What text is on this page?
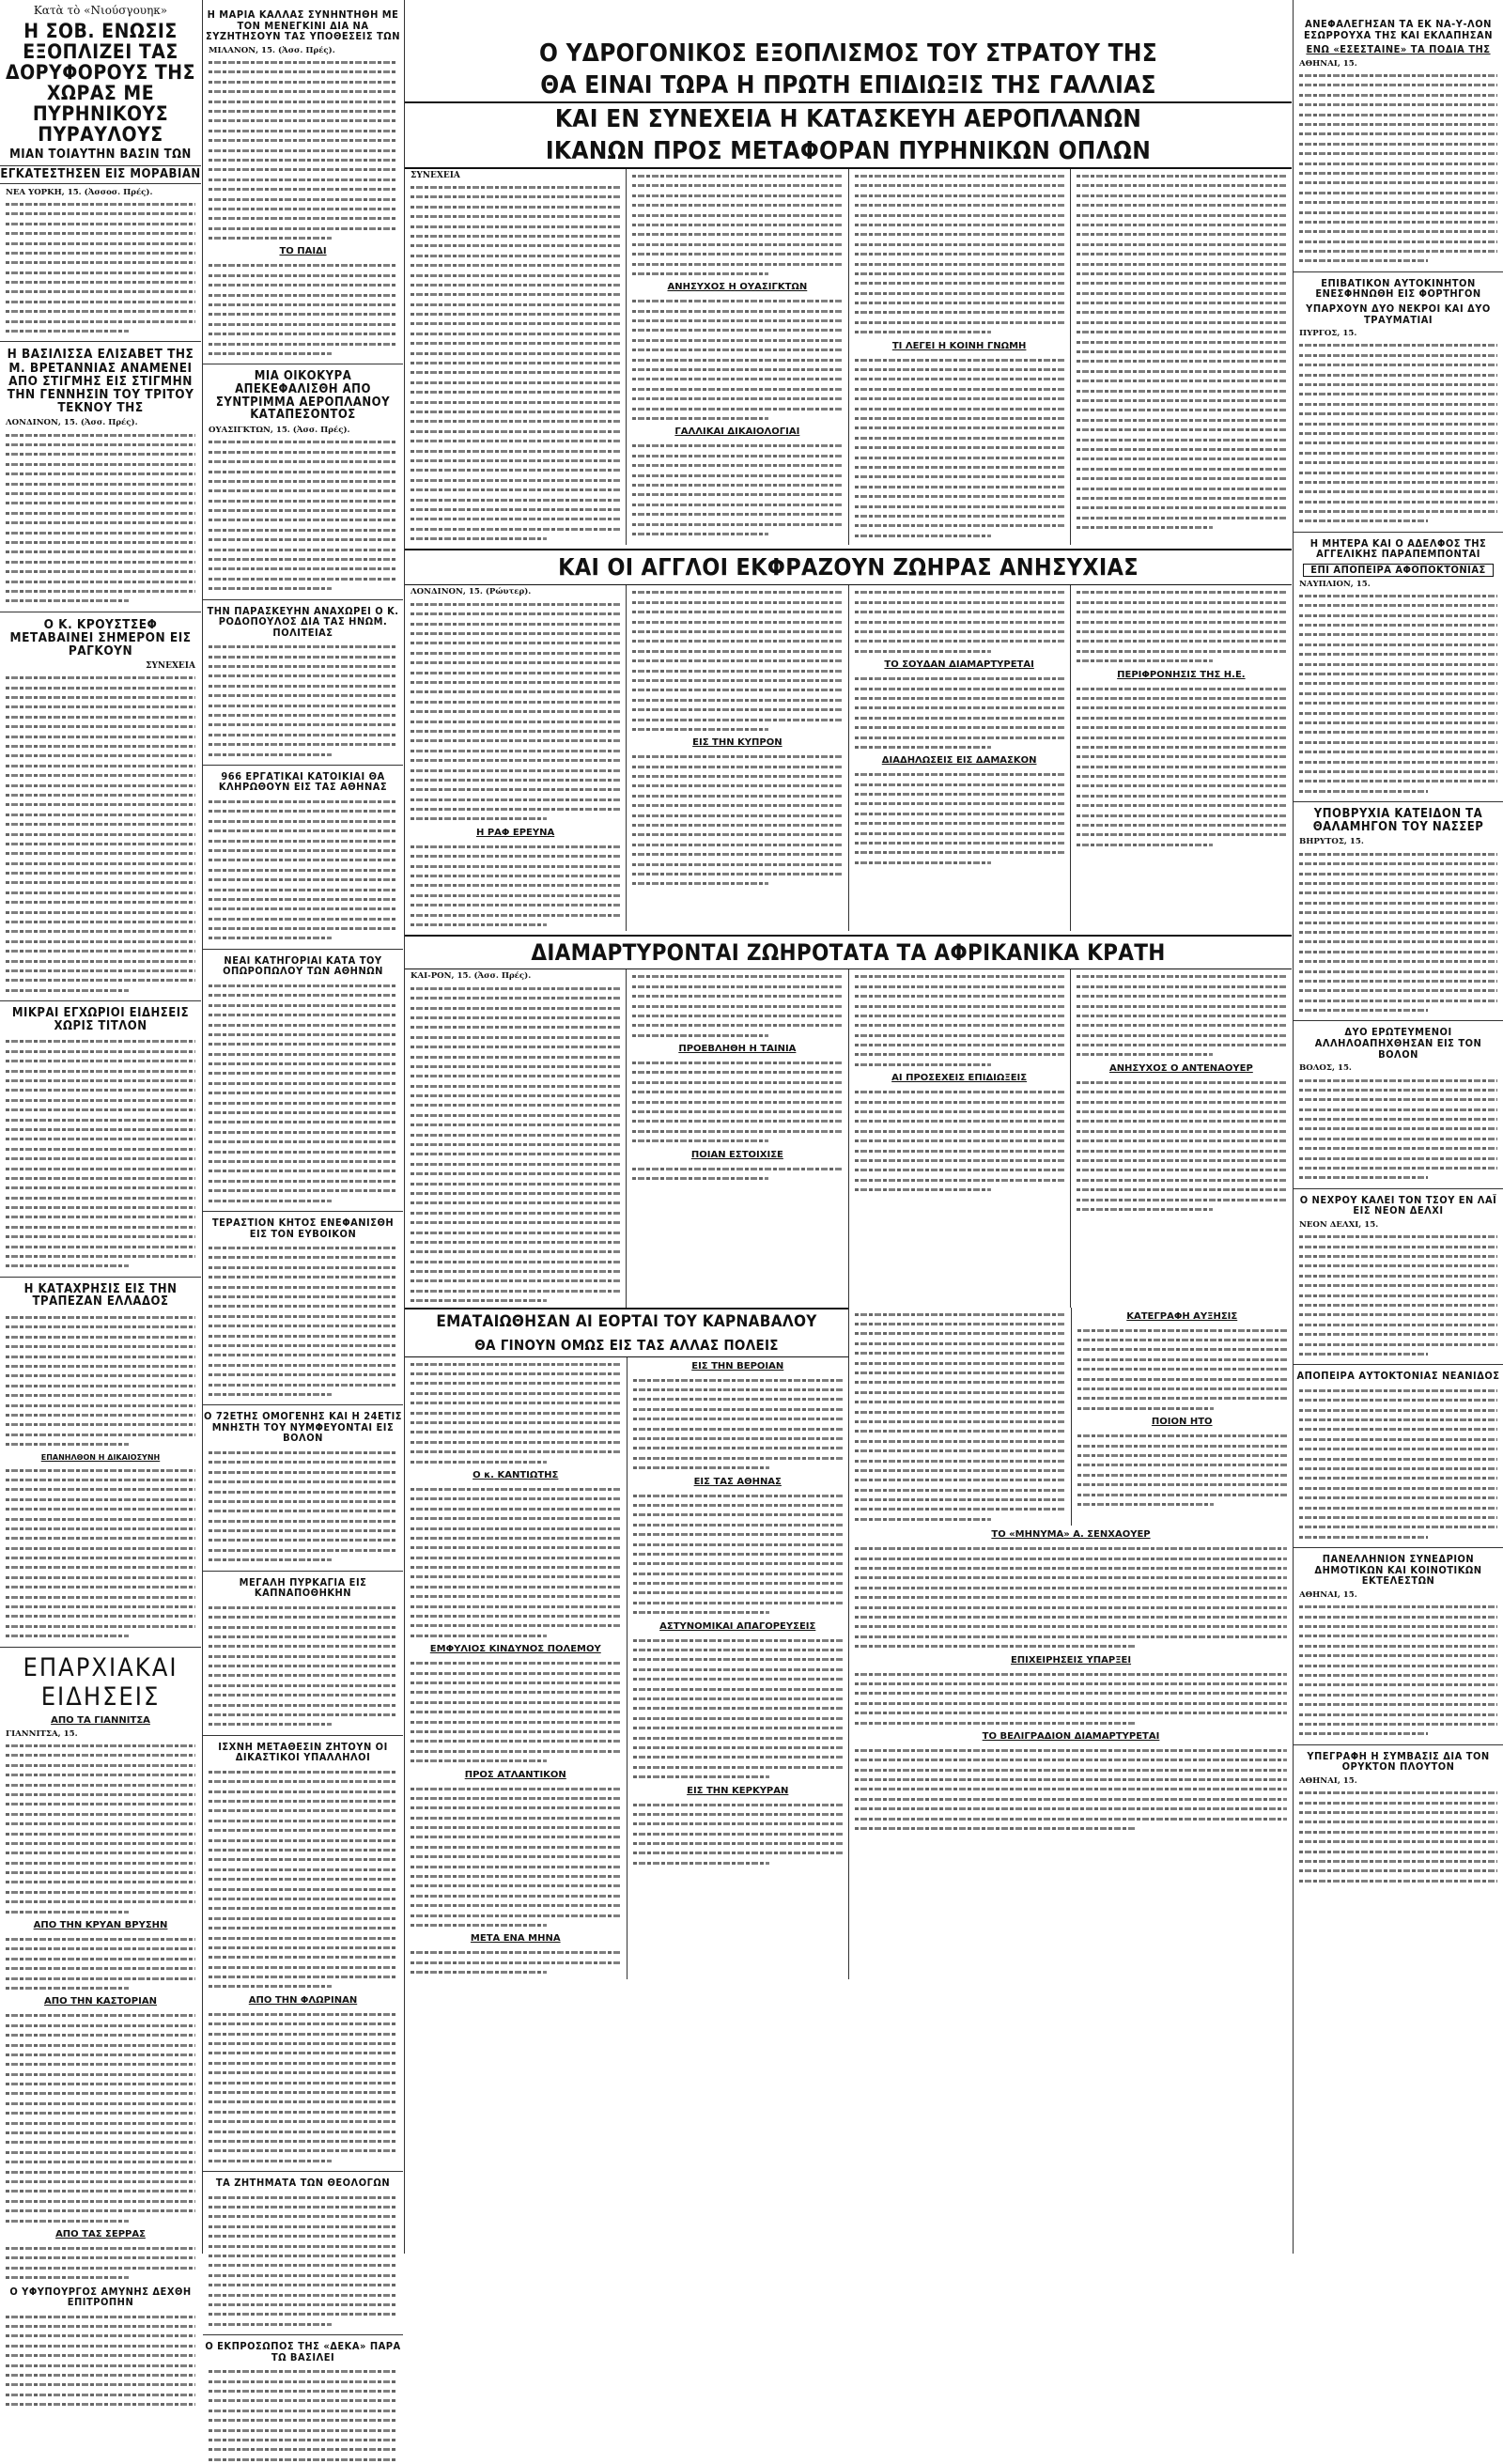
Κατὰ τὸ «Νιούσγουηκ»
Η ΣΟΒ. ΕΝΩΣΙΣ ΕΞΟΠΛΙΖΕΙ ΤΑΣ ΔΟΡΥΦΟΡΟΥΣ ΤΗΣ ΧΩΡΑΣ ΜΕ ΠΥΡΗΝΙΚΟΥΣ ΠΥΡΑΥΛΟΥΣ
ΜΙΑΝ ΤΟΙΑΥΤΗΝ ΒΑΣΙΝ ΤΩΝ
ΕΓΚΑΤΕΣΤΗΣΕΝ ΕΙΣ ΜΟΡΑΒΙΑΝ
ΝΕΑ ΥΟΡΚΗ, 15. (Ἀσσοσ. Πρές).
Η ΒΑΣΙΛΙΣΣΑ ΕΛΙΣΑΒΕΤ ΤΗΣ Μ. ΒΡΕΤΑΝΝΙΑΣ ΑΝΑΜΕΝΕΙ ΑΠΟ ΣΤΙΓΜΗΣ ΕΙΣ ΣΤΙΓΜΗΝ ΤΗΝ ΓΕΝΝΗΣΙΝ ΤΟΥ ΤΡΙΤΟΥ ΤΕΚΝΟΥ ΤΗΣ
ΛΟΝΔΙΝΟΝ, 15. (Ἀσσ. Πρές).
Ο Κ. ΚΡΟΥΣΤΣΕΦ ΜΕΤΑΒΑΙΝΕΙ ΣΗΜΕΡΟΝ ΕΙΣ ΡΑΓΚΟΥΝ
ΣΥΝΕΧΕΙΑ
ΜΙΚΡΑΙ ΕΓΧΩΡΙΟΙ ΕΙΔΗΣΕΙΣ ΧΩΡΙΣ ΤΙΤΛΟΝ
Η ΚΑΤΑΧΡΗΣΙΣ ΕΙΣ ΤΗΝ ΤΡΑΠΕΖΑΝ ΕΛΛΑΔΟΣ
ΕΠΑΝΗΛΘΟΝ Η ΔΙΚΑΙΟΣΥΝΗ
ΕΠΑΡΧΙΑΚΑΙ ΕΙΔΗΣΕΙΣ
ΑΠΟ ΤΑ ΓΙΑΝΝΙΤΣΑ
ΓΙΑΝΝΙΤΣΑ, 15.
ΑΠΟ ΤΗΝ ΚΡΥΑΝ ΒΡΥΣΗΝ
ΑΠΟ ΤΗΝ ΚΑΣΤΟΡΙΑΝ
ΑΠΟ ΤΑΣ ΣΕΡΡΑΣ
Ο ΥΦΥΠΟΥΡΓΟΣ ΑΜΥΝΗΣ ΔΕΧΘΗ ΕΠΙΤΡΟΠΗΝ
Η ΜΑΡΙΑ ΚΑΛΛΑΣ ΣΥΝΗΝΤΗΘΗ ΜΕ ΤΟΝ ΜΕΝΕΓΚΙΝΙ ΔΙΑ ΝΑ ΣΥΖΗΤΗΣΟΥΝ ΤΑΣ ΥΠΟΘΕΣΕΙΣ ΤΩΝ
ΜΙΛΑΝΟΝ, 15. (Ἀσσ. Πρές).
ΤΟ ΠΑΙΔΙ
ΜΙΑ ΟΙΚΟΚΥΡΑ ΑΠΕΚΕΦΑΛΙΣΘΗ ΑΠΟ ΣΥΝΤΡΙΜΜΑ ΑΕΡΟΠΛΑΝΟΥ ΚΑΤΑΠΕΣΟΝΤΟΣ
ΟΥΑΣΙΓΚΤΩΝ, 15. (Ἀσσ. Πρές).
ΤΗΝ ΠΑΡΑΣΚΕΥΗΝ ΑΝΑΧΩΡΕΙ Ο Κ. ΡΟΔΟΠΟΥΛΟΣ ΔΙΑ ΤΑΣ ΗΝΩΜ. ΠΟΛΙΤΕΙΑΣ
966 ΕΡΓΑΤΙΚΑΙ ΚΑΤΟΙΚΙΑΙ ΘΑ ΚΛΗΡΩΘΟΥΝ ΕΙΣ ΤΑΣ ΑΘΗΝΑΣ
ΝΕΑΙ ΚΑΤΗΓΟΡΙΑΙ ΚΑΤΑ ΤΟΥ ΟΠΩΡΟΠΩΛΟΥ ΤΩΝ ΑΘΗΝΩΝ
ΤΕΡΑΣΤΙΟΝ ΚΗΤΟΣ ΕΝΕΦΑΝΙΣΘΗ ΕΙΣ ΤΟΝ ΕΥΒΟΙΚΟΝ
Ο 72ΕΤΗΣ ΟΜΟΓΕΝΗΣ ΚΑΙ Η 24ΕΤΙΣ ΜΝΗΣΤΗ ΤΟΥ ΝΥΜΦΕΥΟΝΤΑΙ ΕΙΣ ΒΟΛΟΝ
ΜΕΓΑΛΗ ΠΥΡΚΑΓΙΑ ΕΙΣ ΚΑΠΝΑΠΟΘΗΚΗΝ
ΙΣΧΝΗ ΜΕΤΑΘΕΣΙΝ ΖΗΤΟΥΝ ΟΙ ΔΙΚΑΣΤΙΚΟΙ ΥΠΑΛΛΗΛΟΙ
ΑΠΟ ΤΗΝ ΦΛΩΡΙΝΑΝ
ΤΑ ΖΗΤΗΜΑΤΑ ΤΩΝ ΘΕΟΛΟΓΩΝ
Ο ΕΚΠΡΟΣΩΠΟΣ ΤΗΣ «ΔΕΚΑ» ΠΑΡΑ ΤΩ ΒΑΣΙΛΕΙ
Ο ΥΔΡΟΓΟΝΙΚΟΣ ΕΞΟΠΛΙΣΜΟΣ ΤΟΥ ΣΤΡΑΤΟΥ ΤΗΣ
ΘΑ ΕΙΝΑΙ ΤΩΡΑ Η ΠΡΩΤΗ ΕΠΙΔΙΩΞΙΣ ΤΗΣ ΓΑΛΛΙΑΣ
ΚΑΙ ΕΝ ΣΥΝΕΧΕΙΑ Η ΚΑΤΑΣΚΕΥΗ ΑΕΡΟΠΛΑΝΩΝ
ΙΚΑΝΩΝ ΠΡΟΣ ΜΕΤΑΦΟΡΑΝ ΠΥΡΗΝΙΚΩΝ ΟΠΛΩΝ
ΣΥΝΕΧΕΙΑ
ΑΝΗΣΥΧΟΣ Η ΟΥΑΣΙΓΚΤΩΝ
ΓΑΛΛΙΚΑΙ ΔΙΚΑΙΟΛΟΓΙΑΙ
ΤΙ ΛΕΓΕΙ Η ΚΟΙΝΗ ΓΝΩΜΗ
ΚΑΙ ΟΙ ΑΓΓΛΟΙ ΕΚΦΡΑΖΟΥΝ ΖΩΗΡΑΣ ΑΝΗΣΥΧΙΑΣ
ΛΟΝΔΙΝΟΝ, 15. (Ρώυτερ).
Η ΡΑΦ ΕΡΕΥΝΑ
ΕΙΣ ΤΗΝ ΚΥΠΡΟΝ
ΤΟ ΣΟΥΔΑΝ ΔΙΑΜΑΡΤΥΡΕΤΑΙ
ΔΙΑΔΗΛΩΣΕΙΣ ΕΙΣ ΔΑΜΑΣΚΟΝ
ΠΕΡΙΦΡΟΝΗΣΙΣ ΤΗΣ Η.Ε.
ΔΙΑΜΑΡΤΥΡΟΝΤΑΙ ΖΩΗΡΟΤΑΤΑ ΤΑ ΑΦΡΙΚΑΝΙΚΑ ΚΡΑΤΗ
ΚΑΙ-ΡΟΝ, 15. (Ἀσσ. Πρές).
ΠΡΟΕΒΛΗΘΗ Η ΤΑΙΝΙΑ
ΠΟΙΑΝ ΕΣΤΟΙΧΙΣΕ
ΑΙ ΠΡΟΣΕΧΕΙΣ ΕΠΙΔΙΩΞΕΙΣ
ΑΝΗΣΥΧΟΣ Ο ΑΝΤΕΝΑΟΥΕΡ
ΕΜΑΤΑΙΩΘΗΣΑΝ ΑΙ ΕΟΡΤΑΙ ΤΟΥ ΚΑΡΝΑΒΑΛΟΥ
ΘΑ ΓΙΝΟΥΝ ΟΜΩΣ ΕΙΣ ΤΑΣ ΑΛΛΑΣ ΠΟΛΕΙΣ
Ο κ. ΚΑΝΤΙΩΤΗΣ
ΕΜΦΥΛΙΟΣ ΚΙΝΔΥΝΟΣ ΠΟΛΕΜΟΥ
ΠΡΟΣ ΑΤΛΑΝΤΙΚΟΝ
ΜΕΤΑ ΕΝΑ ΜΗΝΑ
ΕΙΣ ΤΗΝ ΒΕΡΟΙΑΝ
ΕΙΣ ΤΑΣ ΑΘΗΝΑΣ
ΑΣΤΥΝΟΜΙΚΑΙ ΑΠΑΓΟΡΕΥΣΕΙΣ
ΕΙΣ ΤΗΝ ΚΕΡΚΥΡΑΝ
ΚΑΤΕΓΡΑΦΗ ΑΥΞΗΣΙΣ
ΠΟΙΟΝ ΗΤΟ
ΤΟ «ΜΗΝΥΜΑ» Α. ΣΕΝΧΑΟΥΕΡ
ΕΠΙΧΕΙΡΗΣΕΙΣ ΥΠΑΡΞΕΙ
ΤΟ ΒΕΛΙΓΡΑΔΙΟΝ ΔΙΑΜΑΡΤΥΡΕΤΑΙ
ΑΝΕΦΑΛΕΓΗΣΑΝ ΤΑ ΕΚ ΝΑ-Υ-ΛΟΝ ΕΣΩΡΡΟΥΧΑ ΤΗΣ ΚΑΙ ΕΚΛΑΠΗΣΑΝ
ΕΝΩ «ΕΣΕΣΤΑΙΝΕ» ΤΑ ΠΟΔΙΑ ΤΗΣ
ΑΘΗΝΑΙ, 15.
ΕΠΙΒΑΤΙΚΟΝ ΑΥΤΟΚΙΝΗΤΟΝ ΕΝΕΣΦΗΝΩΘΗ ΕΙΣ ΦΟΡΤΗΓΟΝ
ΥΠΑΡΧΟΥΝ ΔΥΟ ΝΕΚΡΟΙ ΚΑΙ ΔΥΟ ΤΡΑΥΜΑΤΙΑΙ
ΠΥΡΓΟΣ, 15.
Η ΜΗΤΕΡΑ ΚΑΙ Ο ΑΔΕΛΦΟΣ ΤΗΣ ΑΓΓΕΛΙΚΗΣ ΠΑΡΑΠΕΜΠΟΝΤΑΙ
ΕΠΙ ΑΠΟΠΕΙΡΑ ΑΦΟΠΟΚΤΟΝΙΑΣ
ΝΑΥΠΛΙΟΝ, 15.
ΥΠΟΒΡΥΧΙΑ ΚΑΤΕΙΔΟΝ ΤΑ ΘΑΛΑΜΗΓΟΝ ΤΟΥ ΝΑΣΣΕΡ
ΒΗΡΥΤΟΣ, 15.
ΔΥΟ ΕΡΩΤΕΥΜΕΝΟΙ ΑΛΛΗΛΟΑΠΗΧΘΗΣΑΝ ΕΙΣ ΤΟΝ ΒΟΛΟΝ
ΒΟΛΟΣ, 15.
Ο ΝΕΧΡΟΥ ΚΑΛΕΙ ΤΟΝ ΤΣΟΥ ΕΝ ΛΑΪ ΕΙΣ ΝΕΟΝ ΔΕΛΧΙ
ΝΕΟΝ ΔΕΛΧΙ, 15.
ΑΠΟΠΕΙΡΑ ΑΥΤΟΚΤΟΝΙΑΣ ΝΕΑΝΙΔΟΣ
ΠΑΝΕΛΛΗΝΙΟΝ ΣΥΝΕΔΡΙΟΝ ΔΗΜΟΤΙΚΩΝ ΚΑΙ ΚΟΙΝΟΤΙΚΩΝ ΕΚΤΕΛΕΣΤΩΝ
ΑΘΗΝΑΙ, 15.
ΥΠΕΓΡΑΦΗ Η ΣΥΜΒΑΣΙΣ ΔΙΑ ΤΟΝ ΟΡΥΚΤΟΝ ΠΛΟΥΤΟΝ
ΑΘΗΝΑΙ, 15.
